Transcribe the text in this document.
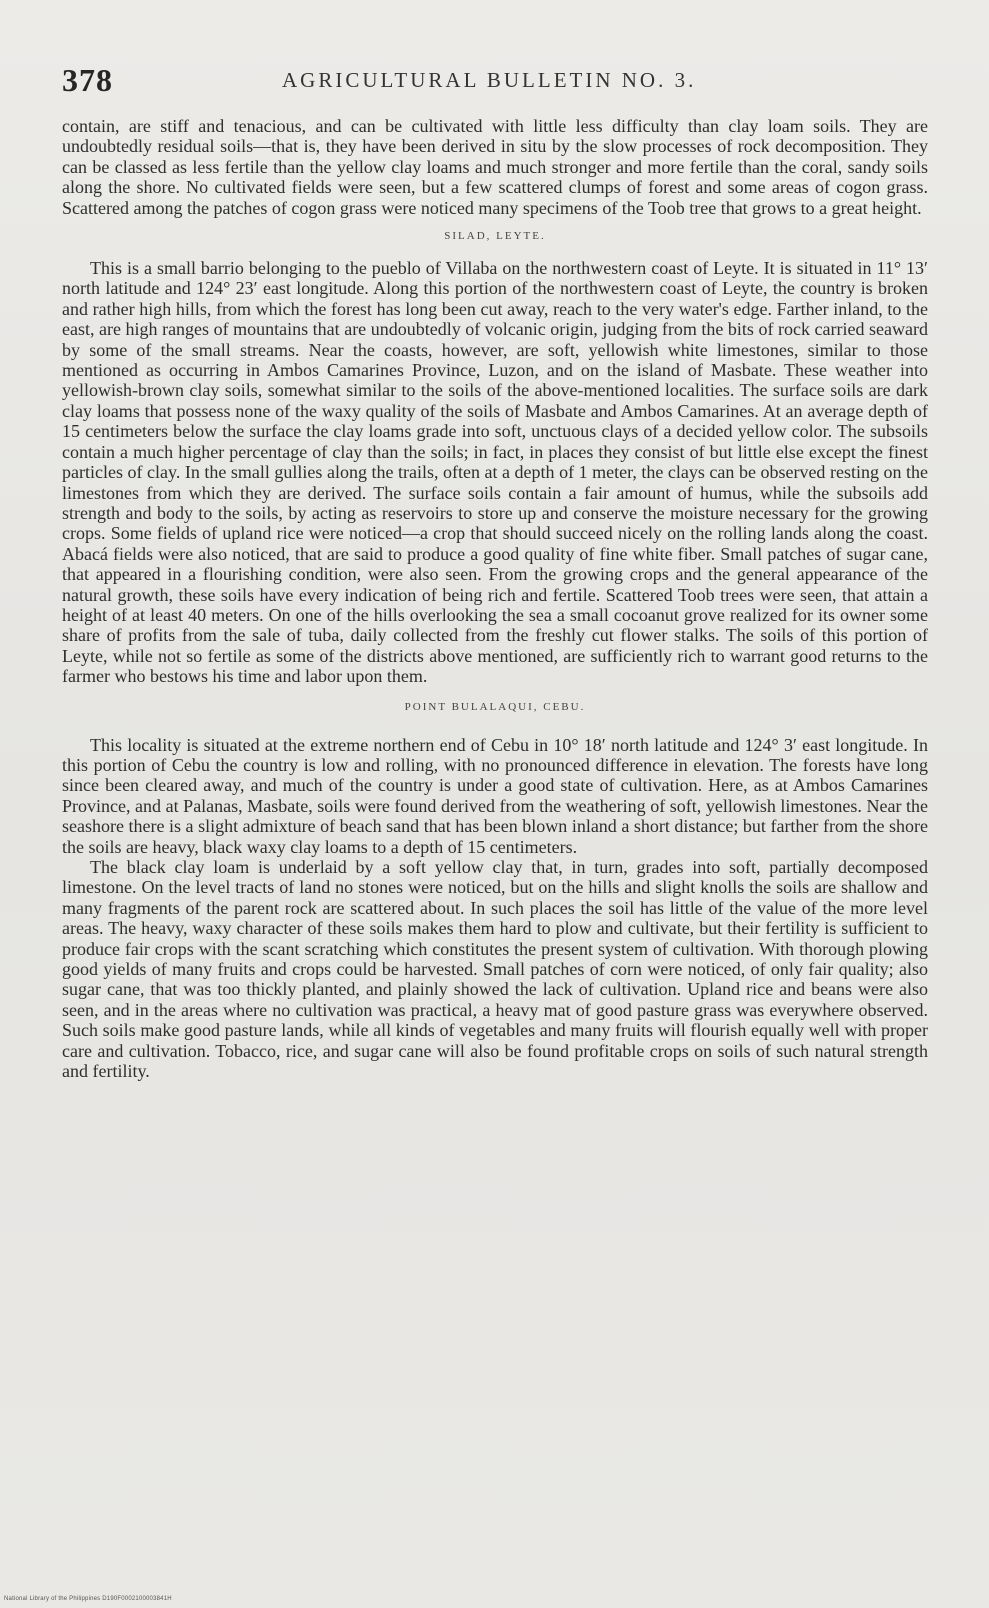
378	AGRICULTURAL BULLETIN NO. 3.

contain, are stiff and tenacious, and can be cultivated with little less difficulty than clay loam soils. They are undoubtedly residual soils—that is, they have been derived in situ by the slow processes of rock decomposition. They can be classed as less fertile than the yellow clay loams and much stronger and more fertile than the coral, sandy soils along the shore. No cultivated fields were seen, but a few scattered clumps of forest and some areas of cogon grass. Scattered among the patches of cogon grass were noticed many specimens of the Toob tree that grows to a great height.

SILAD, LEYTE.

This is a small barrio belonging to the pueblo of Villaba on the northwestern coast of Leyte. It is situated in 11° 13′ north latitude and 124° 23′ east longitude. Along this portion of the northwestern coast of Leyte, the country is broken and rather high hills, from which the forest has long been cut away, reach to the very water's edge. Farther inland, to the east, are high ranges of mountains that are undoubtedly of volcanic origin, judging from the bits of rock carried seaward by some of the small streams. Near the coasts, however, are soft, yellowish white limestones, similar to those mentioned as occurring in Ambos Camarines Province, Luzon, and on the island of Masbate. These weather into yellowish-brown clay soils, somewhat similar to the soils of the above-mentioned localities. The surface soils are dark clay loams that possess none of the waxy quality of the soils of Masbate and Ambos Camarines. At an average depth of 15 centimeters below the surface the clay loams grade into soft, unctuous clays of a decided yellow color. The subsoils contain a much higher percentage of clay than the soils; in fact, in places they consist of but little else except the finest particles of clay. In the small gullies along the trails, often at a depth of 1 meter, the clays can be observed resting on the limestones from which they are derived. The surface soils contain a fair amount of humus, while the subsoils add strength and body to the soils, by acting as reservoirs to store up and conserve the moisture necessary for the growing crops. Some fields of upland rice were noticed—a crop that should succeed nicely on the rolling lands along the coast. Abacá fields were also noticed, that are said to produce a good quality of fine white fiber. Small patches of sugar cane, that appeared in a flourishing condition, were also seen. From the growing crops and the general appearance of the natural growth, these soils have every indication of being rich and fertile. Scattered Toob trees were seen, that attain a height of at least 40 meters. On one of the hills overlooking the sea a small cocoanut grove realized for its owner some share of profits from the sale of tuba, daily collected from the freshly cut flower stalks. The soils of this portion of Leyte, while not so fertile as some of the districts above mentioned, are sufficiently rich to warrant good returns to the farmer who bestows his time and labor upon them.

POINT BULALAQUI, CEBU.

This locality is situated at the extreme northern end of Cebu in 10° 18′ north latitude and 124° 3′ east longitude. In this portion of Cebu the country is low and rolling, with no pronounced difference in elevation. The forests have long since been cleared away, and much of the country is under a good state of cultivation. Here, as at Ambos Camarines Province, and at Palanas, Masbate, soils were found derived from the weathering of soft, yellowish limestones. Near the seashore there is a slight admixture of beach sand that has been blown inland a short distance; but farther from the shore the soils are heavy, black waxy clay loams to a depth of 15 centimeters.

The black clay loam is underlaid by a soft yellow clay that, in turn, grades into soft, partially decomposed limestone. On the level tracts of land no stones were noticed, but on the hills and slight knolls the soils are shallow and many fragments of the parent rock are scattered about. In such places the soil has little of the value of the more level areas. The heavy, waxy character of these soils makes them hard to plow and cultivate, but their fertility is sufficient to produce fair crops with the scant scratching which constitutes the present system of cultivation. With thorough plowing good yields of many fruits and crops could be harvested. Small patches of corn were noticed, of only fair quality; also sugar cane, that was too thickly planted, and plainly showed the lack of cultivation. Upland rice and beans were also seen, and in the areas where no cultivation was practical, a heavy mat of good pasture grass was everywhere observed. Such soils make good pasture lands, while all kinds of vegetables and many fruits will flourish equally well with proper care and cultivation. Tobacco, rice, and sugar cane will also be found profitable crops on soils of such natural strength and fertility.

National Library of the Philippines D190F0002100003841H
